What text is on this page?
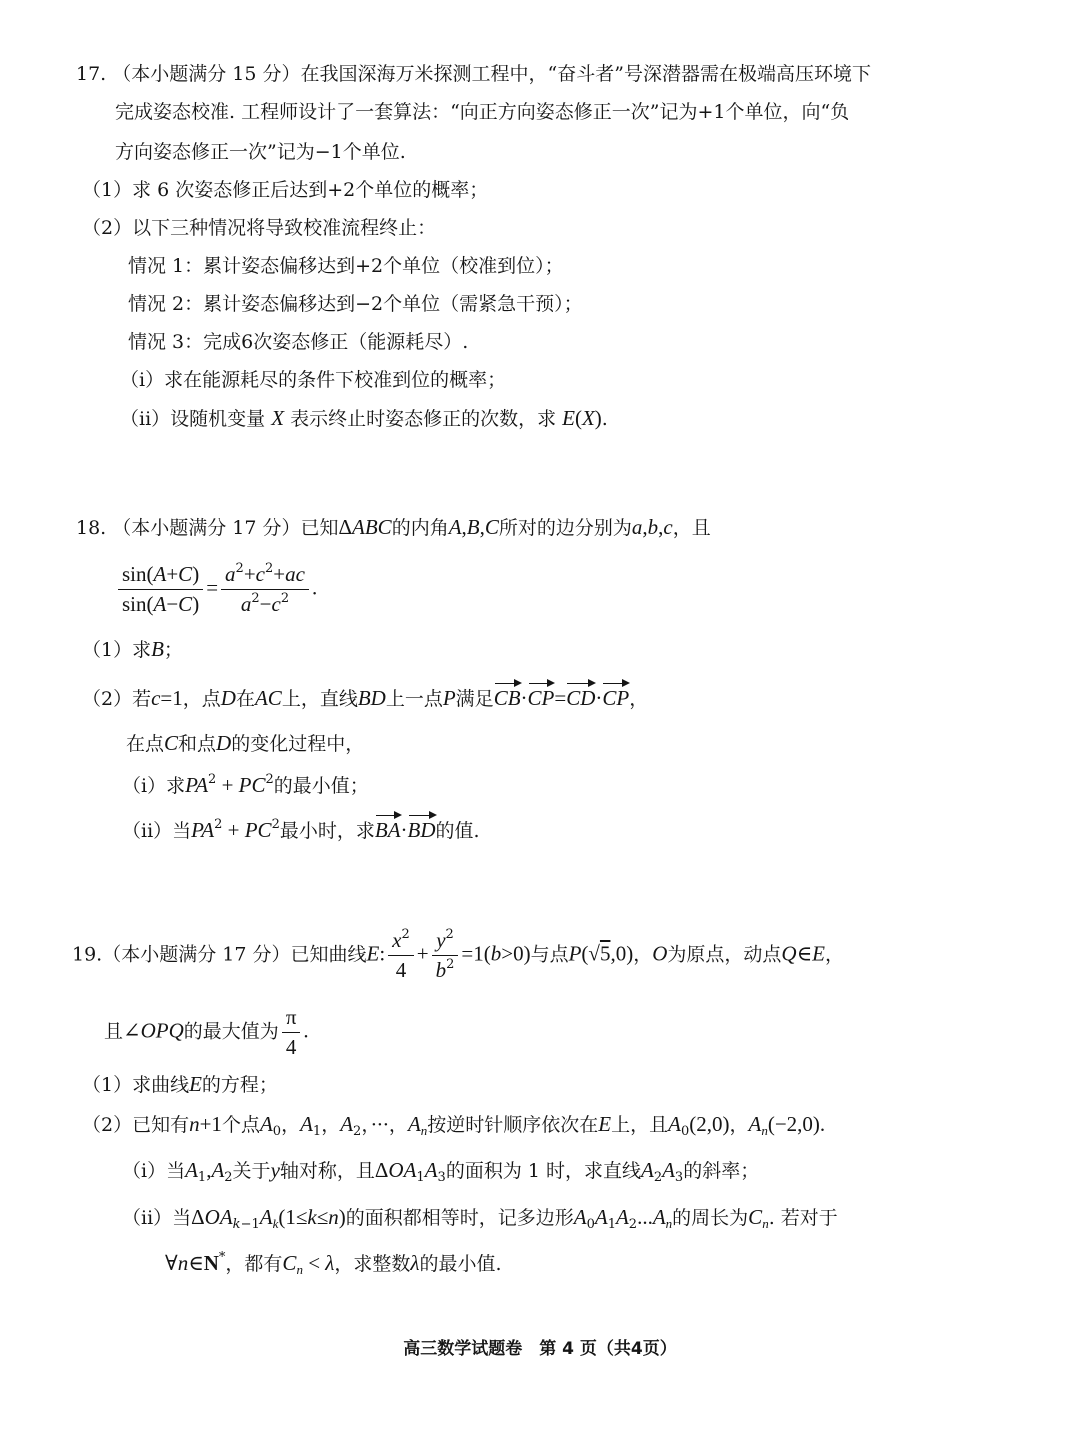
17. （本小题满分 15 分）在我国深海万米探测工程中，“奋斗者”号深潜器需在极端高压环境下
完成姿态校准. 工程师设计了一套算法：“向正方向姿态修正一次”记为+1个单位，向“负
方向姿态修正一次”记为−1个单位.
（1）求 6 次姿态修正后达到+2个单位的概率；
（2）以下三种情况将导致校准流程终止：
情况 1：累计姿态偏移达到+2个单位（校准到位）；
情况 2：累计姿态偏移达到−2个单位（需紧急干预）；
情况 3：完成6次姿态修正（能源耗尽）.
（i）求在能源耗尽的条件下校准到位的概率；
（ii）设随机变量 X 表示终止时姿态修正的次数，求 E(X).
18. （本小题满分 17 分）已知ΔABC的内角A,B,C所对的边分别为a,b,c，且
$\frac{\sin(A+C)}{\sin(A-C)} = \frac{a^2+c^2+ac}{a^2-c^2}$ .
（1）求B；
（2）若c=1，点D在AC上，直线BD上一点P满足CB·CP=CD·CP，
在点C和点D的变化过程中，
（i）求$PA^2 + PC^2$的最小值；
（ii）当$PA^2 + PC^2$最小时，求BA·BD的值.
19.（本小题满分 17 分）已知曲线E: $\frac{x^2}{4} + \frac{y^2}{b^2} =1(b>0)$与点P(√5,0)，O为原点，动点Q∈E，
且∠OPQ的最大值为 $\frac{\pi}{4}$ .
（1）求曲线E的方程；
（2）已知有n+1个点$A_0$，$A_1$，$A_2$，···，$A_n$按逆时针顺序依次在E上，且$A_0(2,0)$，$A_n(-2,0)$.
（i）当$A_1,A_2$关于y轴对称，且$\Delta OA_1A_3$的面积为 1 时，求直线$A_2A_3$的斜率；
（ii）当$\Delta OA_{k-1}A_k(1\le k\le n)$的面积都相等时，记多边形$A_0A_1A_2...A_n$的周长为$C_n$. 若对于
∀n∈N*，都有$C_n < \lambda$，求整数λ的最小值.
高三数学试题卷　第 4 页（共4页）
